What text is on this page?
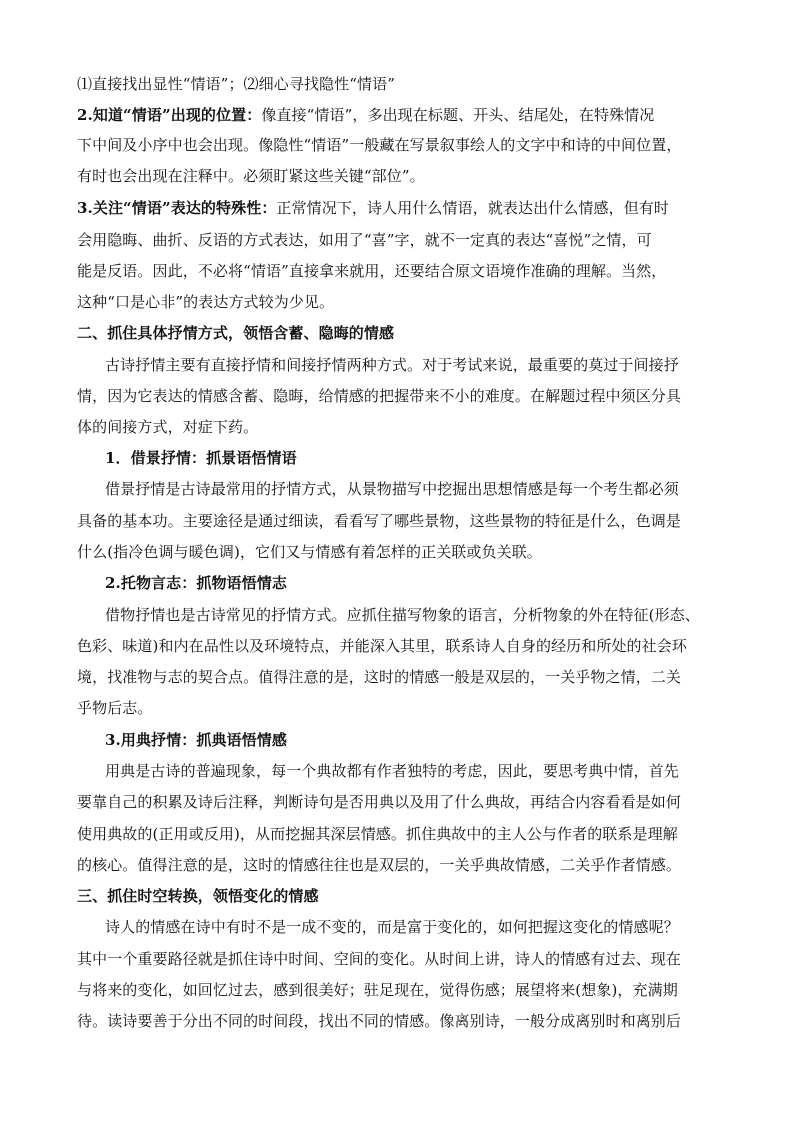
⑴直接找出显性“情语”；⑵细心寻找隐性“情语”
2.知道“情语”出现的位置：像直接“情语”，多出现在标题、开头、结尾处，在特殊情况
下中间及小序中也会出现。像隐性“情语”一般藏在写景叙事绘人的文字中和诗的中间位置，
有时也会出现在注释中。必须盯紧这些关键“部位”。
3.关注“情语”表达的特殊性：正常情况下，诗人用什么情语，就表达出什么情感，但有时
会用隐晦、曲折、反语的方式表达，如用了“喜”字，就不一定真的表达“喜悦”之情，可
能是反语。因此，不必将“情语”直接拿来就用，还要结合原文语境作准确的理解。当然，
这种“口是心非”的表达方式较为少见。
二、抓住具体抒情方式，领悟含蓄、隐晦的情感
古诗抒情主要有直接抒情和间接抒情两种方式。对于考试来说，最重要的莫过于间接抒
情，因为它表达的情感含蓄、隐晦，给情感的把握带来不小的难度。在解题过程中须区分具
体的间接方式，对症下药。
1．借景抒情：抓景语悟情语
借景抒情是古诗最常用的抒情方式，从景物描写中挖掘出思想情感是每一个考生都必须
具备的基本功。主要途径是通过细读，看看写了哪些景物，这些景物的特征是什么，色调是
什么(指冷色调与暖色调)，它们又与情感有着怎样的正关联或负关联。
2.托物言志：抓物语悟情志
借物抒情也是古诗常见的抒情方式。应抓住描写物象的语言，分析物象的外在特征(形态、
色彩、味道)和内在品性以及环境特点，并能深入其里，联系诗人自身的经历和所处的社会环
境，找准物与志的契合点。值得注意的是，这时的情感一般是双层的，一关乎物之情，二关
乎物后志。
3.用典抒情：抓典语悟情感
用典是古诗的普遍现象，每一个典故都有作者独特的考虑，因此，要思考典中情，首先
要靠自己的积累及诗后注释，判断诗句是否用典以及用了什么典故，再结合内容看看是如何
使用典故的(正用或反用)，从而挖掘其深层情感。抓住典故中的主人公与作者的联系是理解
的核心。值得注意的是，这时的情感往往也是双层的，一关乎典故情感，二关乎作者情感。
三、抓住时空转换，领悟变化的情感
诗人的情感在诗中有时不是一成不变的，而是富于变化的，如何把握这变化的情感呢？
其中一个重要路径就是抓住诗中时间、空间的变化。从时间上讲，诗人的情感有过去、现在
与将来的变化，如回忆过去，感到很美好；驻足现在，觉得伤感；展望将来(想象)，充满期
待。读诗要善于分出不同的时间段，找出不同的情感。像离别诗，一般分成离别时和离别后
